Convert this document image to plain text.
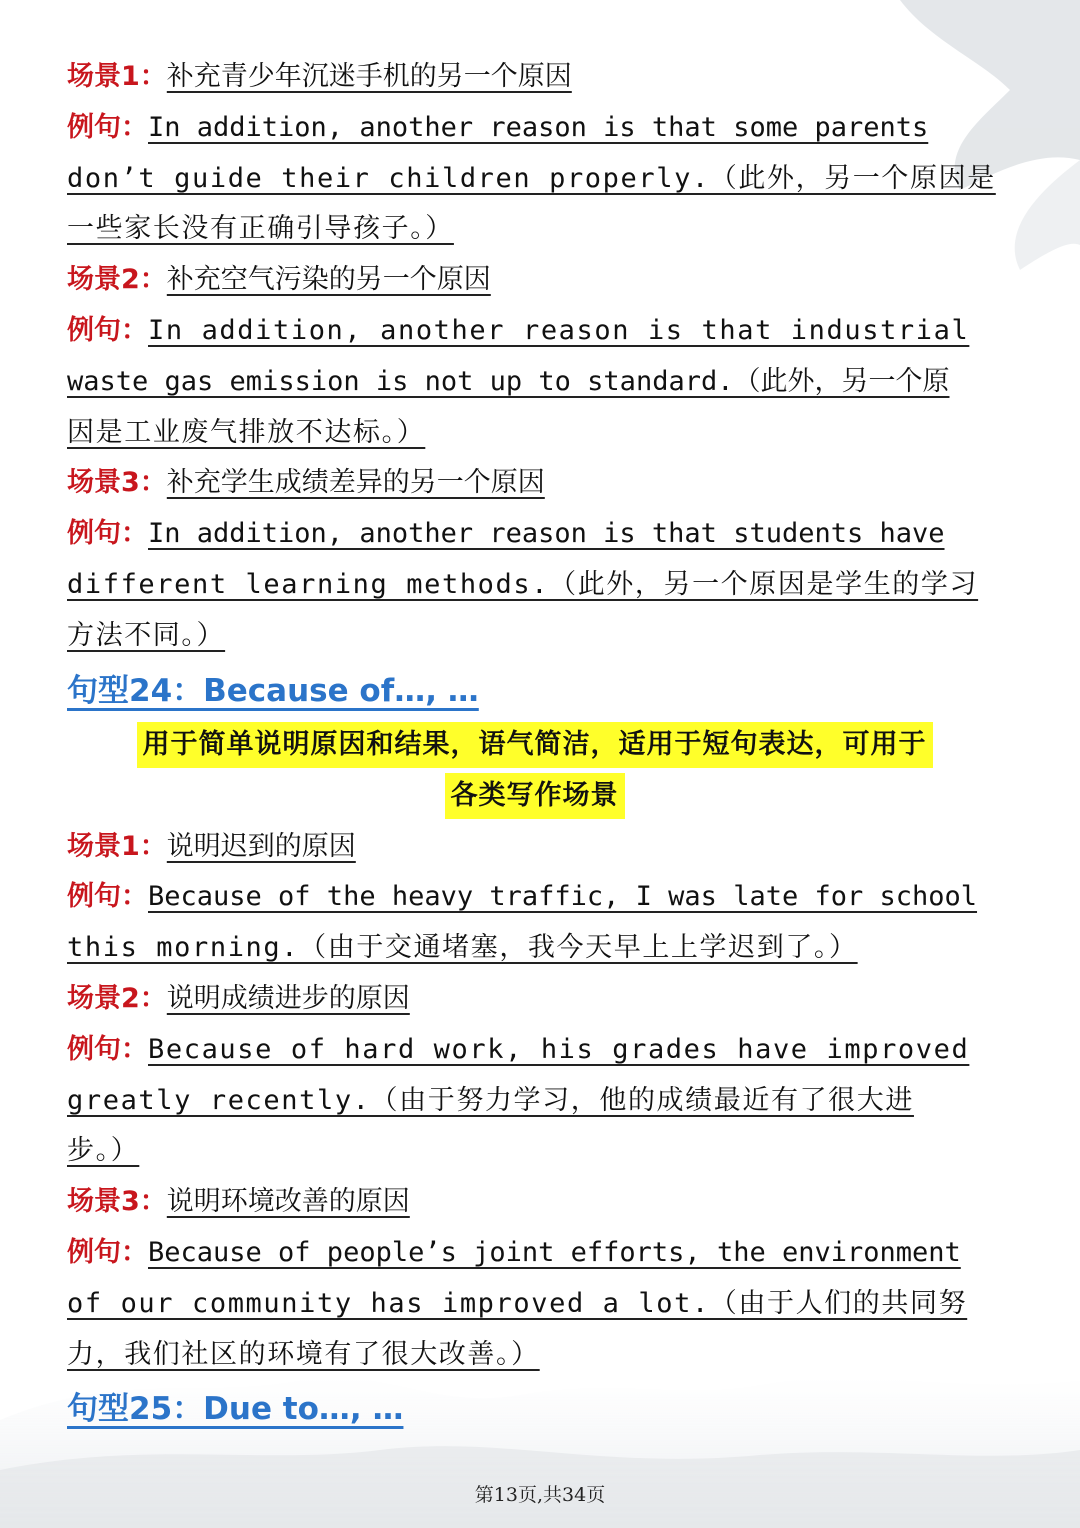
场景1：补充青少年沉迷手机的另一个原因
例句：In addition, another reason is that some parents
don’t guide their children properly.（此外，另一个原因是
一些家长没有正确引导孩子。）
场景2：补充空气污染的另一个原因
例句：In addition, another reason is that industrial
waste gas emission is not up to standard.（此外，另一个原
因是工业废气排放不达标。）
场景3：补充学生成绩差异的另一个原因
例句：In addition, another reason is that students have
different learning methods.（此外，另一个原因是学生的学习
方法不同。）
句型24：Because of…, …
用于简单说明原因和结果，语气简洁，适用于短句表达，可用于
各类写作场景
场景1：说明迟到的原因
例句：Because of the heavy traffic, I was late for school
this morning.（由于交通堵塞，我今天早上上学迟到了。）
场景2：说明成绩进步的原因
例句：Because of hard work, his grades have improved
greatly recently.（由于努力学习，他的成绩最近有了很大进
步。）
场景3：说明环境改善的原因
例句：Because of people’s joint efforts, the environment
of our community has improved a lot.（由于人们的共同努
力，我们社区的环境有了很大改善。）
句型25：Due to…, …
第13页,共34页
